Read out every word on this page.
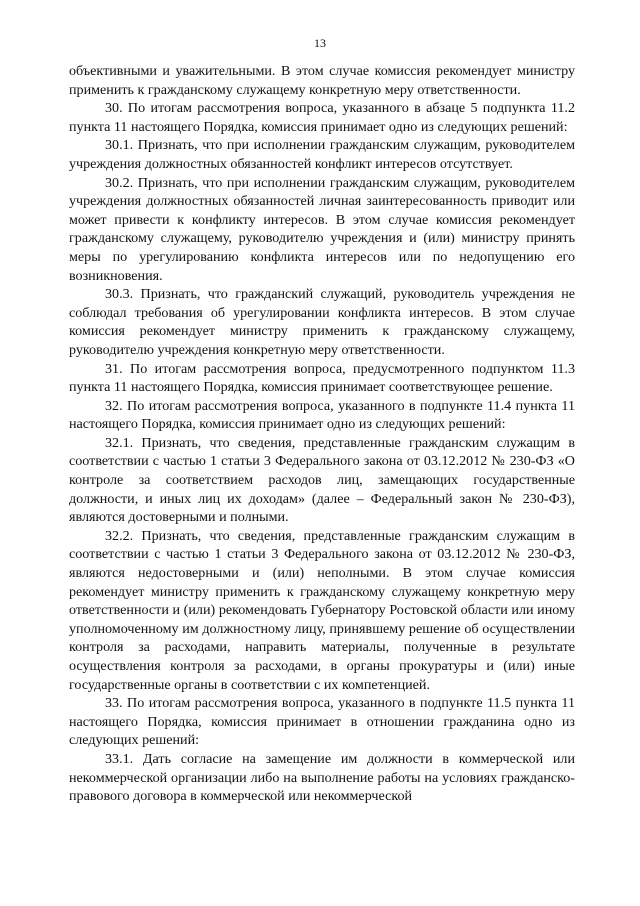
13

объективными и уважительными. В этом случае комиссия рекомендует министру применить к гражданскому служащему конкретную меру ответственности.

30. По итогам рассмотрения вопроса, указанного в абзаце 5 подпункта 11.2 пункта 11 настоящего Порядка, комиссия принимает одно из следующих решений:

30.1. Признать, что при исполнении гражданским служащим, руководителем учреждения должностных обязанностей конфликт интересов отсутствует.

30.2. Признать, что при исполнении гражданским служащим, руководителем учреждения должностных обязанностей личная заинтересованность приводит или может привести к конфликту интересов. В этом случае комиссия рекомендует гражданскому служащему, руководителю учреждения и (или) министру принять меры по урегулированию конфликта интересов или по недопущению его возникновения.

30.3. Признать, что гражданский служащий, руководитель учреждения не соблюдал требования об урегулировании конфликта интересов. В этом случае комиссия рекомендует министру применить к гражданскому служащему, руководителю учреждения конкретную меру ответственности.

31. По итогам рассмотрения вопроса, предусмотренного подпунктом 11.3 пункта 11 настоящего Порядка, комиссия принимает соответствующее решение.

32. По итогам рассмотрения вопроса, указанного в подпункте 11.4 пункта 11 настоящего Порядка, комиссия принимает одно из следующих решений:

32.1. Признать, что сведения, представленные гражданским служащим в соответствии с частью 1 статьи 3 Федерального закона от 03.12.2012 № 230-ФЗ «О контроле за соответствием расходов лиц, замещающих государственные должности, и иных лиц их доходам» (далее – Федеральный закон № 230-ФЗ), являются достоверными и полными.

32.2. Признать, что сведения, представленные гражданским служащим в соответствии с частью 1 статьи 3 Федерального закона от 03.12.2012 № 230-ФЗ, являются недостоверными и (или) неполными. В этом случае комиссия рекомендует министру применить к гражданскому служащему конкретную меру ответственности и (или) рекомендовать Губернатору Ростовской области или иному уполномоченному им должностному лицу, принявшему решение об осуществлении контроля за расходами, направить материалы, полученные в результате осуществления контроля за расходами, в органы прокуратуры и (или) иные государственные органы в соответствии с их компетенцией.

33. По итогам рассмотрения вопроса, указанного в подпункте 11.5 пункта 11 настоящего Порядка, комиссия принимает в отношении гражданина одно из следующих решений:

33.1. Дать согласие на замещение им должности в коммерческой или некоммерческой организации либо на выполнение работы на условиях гражданско-правового договора в коммерческой или некоммерческой
